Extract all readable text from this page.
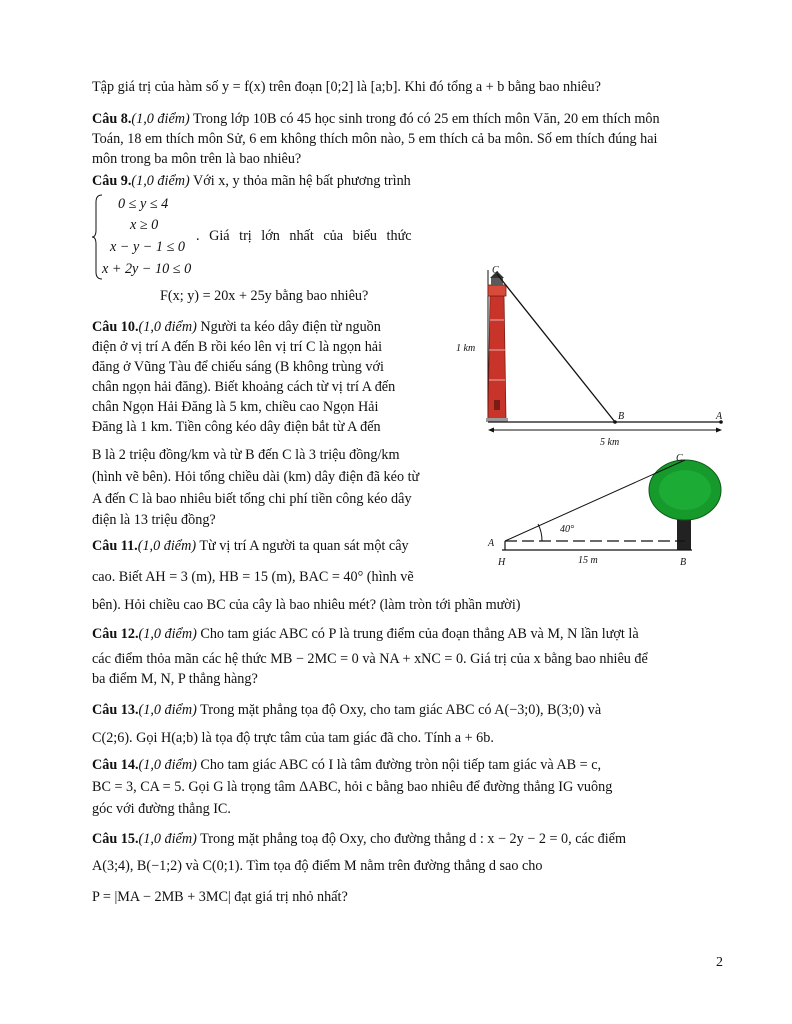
Tập giá trị của hàm số y = f(x) trên đoạn [0;2] là [a;b]. Khi đó tổng a + b bằng bao nhiêu?
Câu 8.(1,0 điểm) Trong lớp 10B có 45 học sinh trong đó có 25 em thích môn Văn, 20 em thích môn
Toán, 18 em thích môn Sử, 6 em không thích môn nào, 5 em thích cả ba môn. Số em thích đúng hai
môn trong ba môn trên là bao nhiêu?
Câu 9.(1,0 điểm) Với x, y thỏa mãn hệ bất phương trình
0 ≤ y ≤ 4
x ≥ 0
x − y − 1 ≤ 0
x + 2y − 10 ≤ 0
. Giá trị lớn nhất của biểu thức
F(x; y) = 20x + 25y bằng bao nhiêu?
Câu 10.(1,0 điểm) Người ta kéo dây điện từ nguồn
điện ở vị trí A đến B rồi kéo lên vị trí C là ngọn hải
đăng ở Vũng Tàu để chiếu sáng (B không trùng với
chân ngọn hải đăng). Biết khoảng cách từ vị trí A đến
chân Ngọn Hải Đăng là 5 km, chiều cao Ngọn Hải
Đăng là 1 km. Tiền công kéo dây điện bắt từ A đến
B là 2 triệu đồng/km và từ B đến C là 3 triệu đồng/km
(hình vẽ bên). Hỏi tổng chiều dài (km) dây điện đã kéo từ
A đến C là bao nhiêu biết tổng chi phí tiền công kéo dây
điện là 13 triệu đồng?
C
B	A
1 km
5 km
Câu 11.(1,0 điểm) Từ vị trí A người ta quan sát một cây
cao. Biết AH = 3 (m), HB = 15 (m), BAC = 40° (hình vẽ
bên). Hỏi chiều cao BC của cây là bao nhiêu mét? (làm tròn tới phần mười)
C
A
H	B
40°
15 m
Câu 12.(1,0 điểm) Cho tam giác ABC có P là trung điểm của đoạn thẳng AB và M, N lần lượt là
các điểm thỏa mãn các hệ thức MB − 2MC = 0 và NA + xNC = 0. Giá trị của x bằng bao nhiêu để
ba điểm M, N, P thẳng hàng?
Câu 13.(1,0 điểm) Trong mặt phẳng tọa độ Oxy, cho tam giác ABC có A(−3;0), B(3;0) và
C(2;6). Gọi H(a;b) là tọa độ trực tâm của tam giác đã cho. Tính a + 6b.
Câu 14.(1,0 điểm) Cho tam giác ABC có I là tâm đường tròn nội tiếp tam giác và AB = c,
BC = 3, CA = 5. Gọi G là trọng tâm ΔABC, hỏi c bằng bao nhiêu để đường thẳng IG vuông
góc với đường thẳng IC.
Câu 15.(1,0 điểm) Trong mặt phẳng toạ độ Oxy, cho đường thẳng d : x − 2y − 2 = 0, các điểm
A(3;4), B(−1;2) và C(0;1). Tìm tọa độ điểm M nằm trên đường thẳng d sao cho
P = |MA − 2MB + 3MC| đạt giá trị nhỏ nhất?
2
